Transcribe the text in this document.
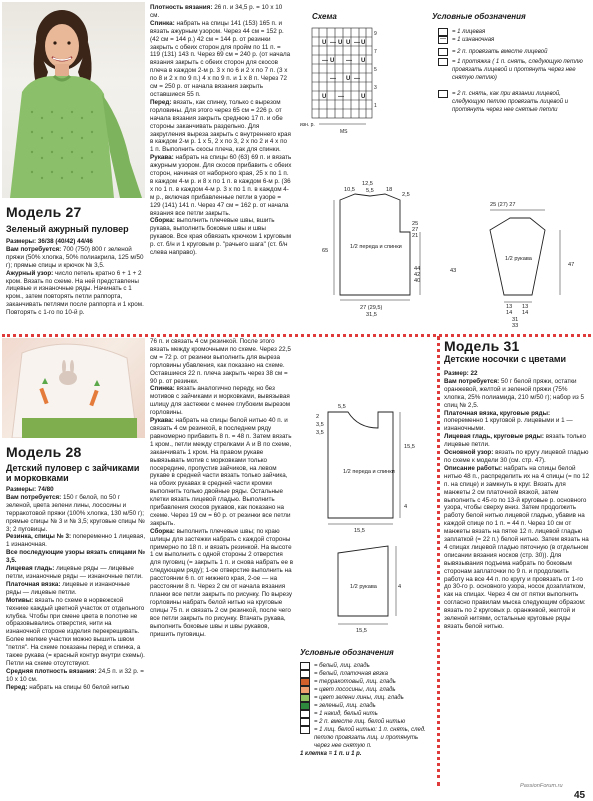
Модель 27
Зеленый ажурный пуловер

Размеры: 36/38 (40/42) 44/46

Вам потребуется: 700 (750) 800 г зеленой пряжи (50% хлопка, 50% полиакрила, 125 м/50 г); прямые спицы и крючок № 3,5.

Ажурный узор: число петель кратно 6 + 1 + 2 кром. Вязать по схеме. На ней представлены лицевые и изнаночные ряды. Начинать с 1 кром., затем повторять петли раппорта, заканчивать петлями после раппорта и 1 кром. Повторять с 1-го по 10-й р.

Плотность вязания: 26 п. и 34,5 р. = 10 х 10 см.

Спинка: набрать на спицы 141 (153) 165 п. и вязать ажурным узором. Через 44 см = 152 р. (42 см = 144 р.) 42 см = 144 р. от резинки закрыть с обеих сторон для пройм по 11 п. = 119 (131) 143 п. Через 69 см = 240 р. (от начала вязания закрыть с обеих сторон для скосов плеча в каждом 2-м р. 3 х по 6 и 2 х по 7 п. (3 х по 8 и 2 х по 9 п.) 4 х по 9 п. и 1 х 8 п. Через 72 см = 250 р. от начала вязания закрыть оставшиеся 55 п.

Перед: вязать, как спинку, только с вырезом горловины. Для этого через 65 см = 226 р. от начала вязания закрыть среднюю 17 п. и обе стороны заканчивать раздельно. Для закругления выреза закрыть с внутреннего края в каждом 2-м р. 1 х 5, 2 х по 3, 2 х по 2 и 4 х по 1 п. Выполнить скосы плеча, как для спинки.

Рукава: набрать на спицы 60 (63) 69 п. и вязать ажурным узором. Для скосов прибавить с обеих сторон, начиная от наборного края, 25 х по 1 п. в каждом 4-м р. и 8 х по 1 п. в каждом 6-м р. (36 х по 1 п. в каждом 4-м р. 3 х по 1 п. в каждом 4-м р., включая прибавленные петли в узоре = 129 (141) 141 п. Через 47 см = 162 р. от начала вязания все петли закрыть.

Сборка: выполнить плечевые швы, вшить рукава, выполнить боковые швы и швы рукавов. Все края обвязать крючком 1 круговым р. ст. б/н и 1 круговым р. "рачьего шага" (ст. б/н слева направо).

Схема
U — U U — U
— U — U
— U —
U —	U
9
7
5
3
1
изн. р.
MS
Условные обозначения
= 1 лицевая
—	= 1 изнаночная
= 2 п. провязать вместе лицевой
= 1 протяжка ( 1 п. снять, следующую петлю провязать лицевой и протянуть через нее снятую петлю)
= 2 п. снять, как при вязании лицевой, следующую петлю провязать лицевой и протянуть через нее снятые петли
1/2 переда и спинки
1/2 рукава
10,5
12,5
5,5 18
2,5
25
27
21
65
44
42
40
43
47
27 (29,5)
31,5
25 (27) 27
13 13
14 14
31
33
Модель 28
Детский пуловер с зайчиками и морковками

Размеры: 74/80

Вам потребуется: 150 г белой, по 50 г зеленой, цвета зелени лины, лососины и терракотовой пряжи (100% хлопка, 130 м/50 г); прямые спицы № 3 и № 3,5; круговые спицы № 3; 2 пуговицы.

Резинка, спицы № 3: попеременно 1 лицевая, 1 изнаночная.

Все последующие узоры вязать спицами № 3,5.

Лицевая гладь: лицевые ряды — лицевые петли, изнаночные ряды — изнаночные петли.

Платочная вязка: лицевые и изнаночные ряды — лицевые петли.

Мотивы: вязать по схеме в норвежской технике каждый цветной участок от отдельного клубка. Чтобы при смене цвета в полотне не образовывались отверстия, нити на изнаночной стороне изделия перекрещивать. Более мелкие участки можно вышить швом "петля". На схеме показаны перед и спинка, а также рукава (= красный контур внутри схемы). Петли на схеме отсутствуют.

Средняя плотность вязания: 24,5 п. и 32 р. = 10 х 10 см.

Перед: набрать на спицы 60 белой нитью

76 п. и связать 4 см резинкой. После этого вязать между кромочными по схеме. Через 22,5 см = 72 р. от резинки выполнить для выреза горловины убавления, как показано на схеме. Оставшиеся 22 п. плеча закрыть через 38 см = 90 р. от резинки.

Спинка: вязать аналогично переду, но без мотивов с зайчиками и морковками, вывязывая шлицу для застежки с менее глубоким вырезом горловины.

Рукава: набрать на спицы белой нитью 40 п. и связать 4 см резинкой, в последнем ряду равномерно прибавить 8 п. = 48 п. Затем вязать 1 кром., петли между стрелками А и В по схеме, заканчивать 1 кром. На правом рукаве вывязывать мотив с морковками только посередине, пропустив зайчиков, на левом рукаве в средней части вязать только зайчика, на обоих рукавах в средней части кромки выполнить только двойные ряды. Остальные клетки вязать лицевой гладью. Выполнить прибавления скосов рукавов, как показано на схеме. Через 19 см = 60 р. от резинки все петли закрыть.

Сборка: выполнить плечевые швы; по краю шлицы для застежки набрать с каждой стороны примерно по 18 п. и вязать резинкой. На высоте 1 см выполнить с одной стороны 2 отверстия для пуговиц (= закрыть 1 п. и снова набрать ее в следующем ряду); 1-ое отверстие выполнить на расстоянии 6 п. от нижнего края, 2-ое — на расстоянии 8 п. Через 2 см от начала вязания планки все петли закрыть по рисунку. По вырезу горловины набрать белой нитью на круговые спицы 75 п. и связать 2 см резинкой, после чего все петли закрыть по рисунку. Втачать рукава, выполнить боковые швы и швы рукавов, пришить пуговицы.

1/2 переда и спинки
1/2 рукава
5,5
2
3,5
3,5
15,5
4
15,5
4
15,5
Условные обозначения
= белый, лиц. гладь
= белый, платочная вязка
= терракотовый, лиц. гладь
= цвет лососины, лиц. гладь
= цвет зелени лины, лиц. гладь
= зеленый, лиц. гладь
= 1 накид, белый нить
= 2 п. вместе лиц. белой нитью
= 1 лиц. белой нитью: 1 п. снять, след. петлю провязать лиц. и протянуть через нее снятую п.
1 клетка = 1 п. и 1 р.
Модель 31
Детские носочки с цветами

Размер: 22

Вам потребуется: 50 г белой пряжи, остатки оранжевой, желтой и зеленой пряжи (75% хлопка, 25% полиамида, 210 м/50 г); набор из 5 спиц № 2,5.

Платочная вязка, круговые ряды: попеременно 1 круговой р. лицевыми и 1 — изнаночными.

Лицевая гладь, круговые ряды: вязать только лицевые петли.

Основной узор: вязать по кругу лицевой гладью по схеме к модели 30 (см. стр. 47).

Описание работы: набрать на спицы белой нитью 48 п., распределить их на 4 спицы (= по 12 п. на спице) и замкнуть в круг. Вязать для манжеты 2 см платочной вязкой, затем выполнить с 45-го по 13-й круговые р. основного узора, чтобы сверху вниз. Затем продолжить работу белой нитью лицевой гладью, убавив на каждой спице по 1 п. = 44 п. Через 10 см от манжеты вязать на пятке 12 п. лицевой гладью заплаткой (= 22 п.) белой нитью. Затем вязать на 4 спицах лицевой гладью пяточную (в отдельном описании вязания носков (стр. 30)). Для вывязывания подъема набрать по боковым сторонам заплаточки по 9 п. и продолжить работу на все 44 п. по кругу и провязать от 1-го до 30-го р. основного узора, носок дозаплатком, как на спицах. Через 4 см от пятки выполнить согласно правилам мыска следующим образом: вязать по 2 круговых р. оранжевой, желтой и зеленой нитями, остальные круговые ряды вязать белой нитью.

PassionForum.ru
45
